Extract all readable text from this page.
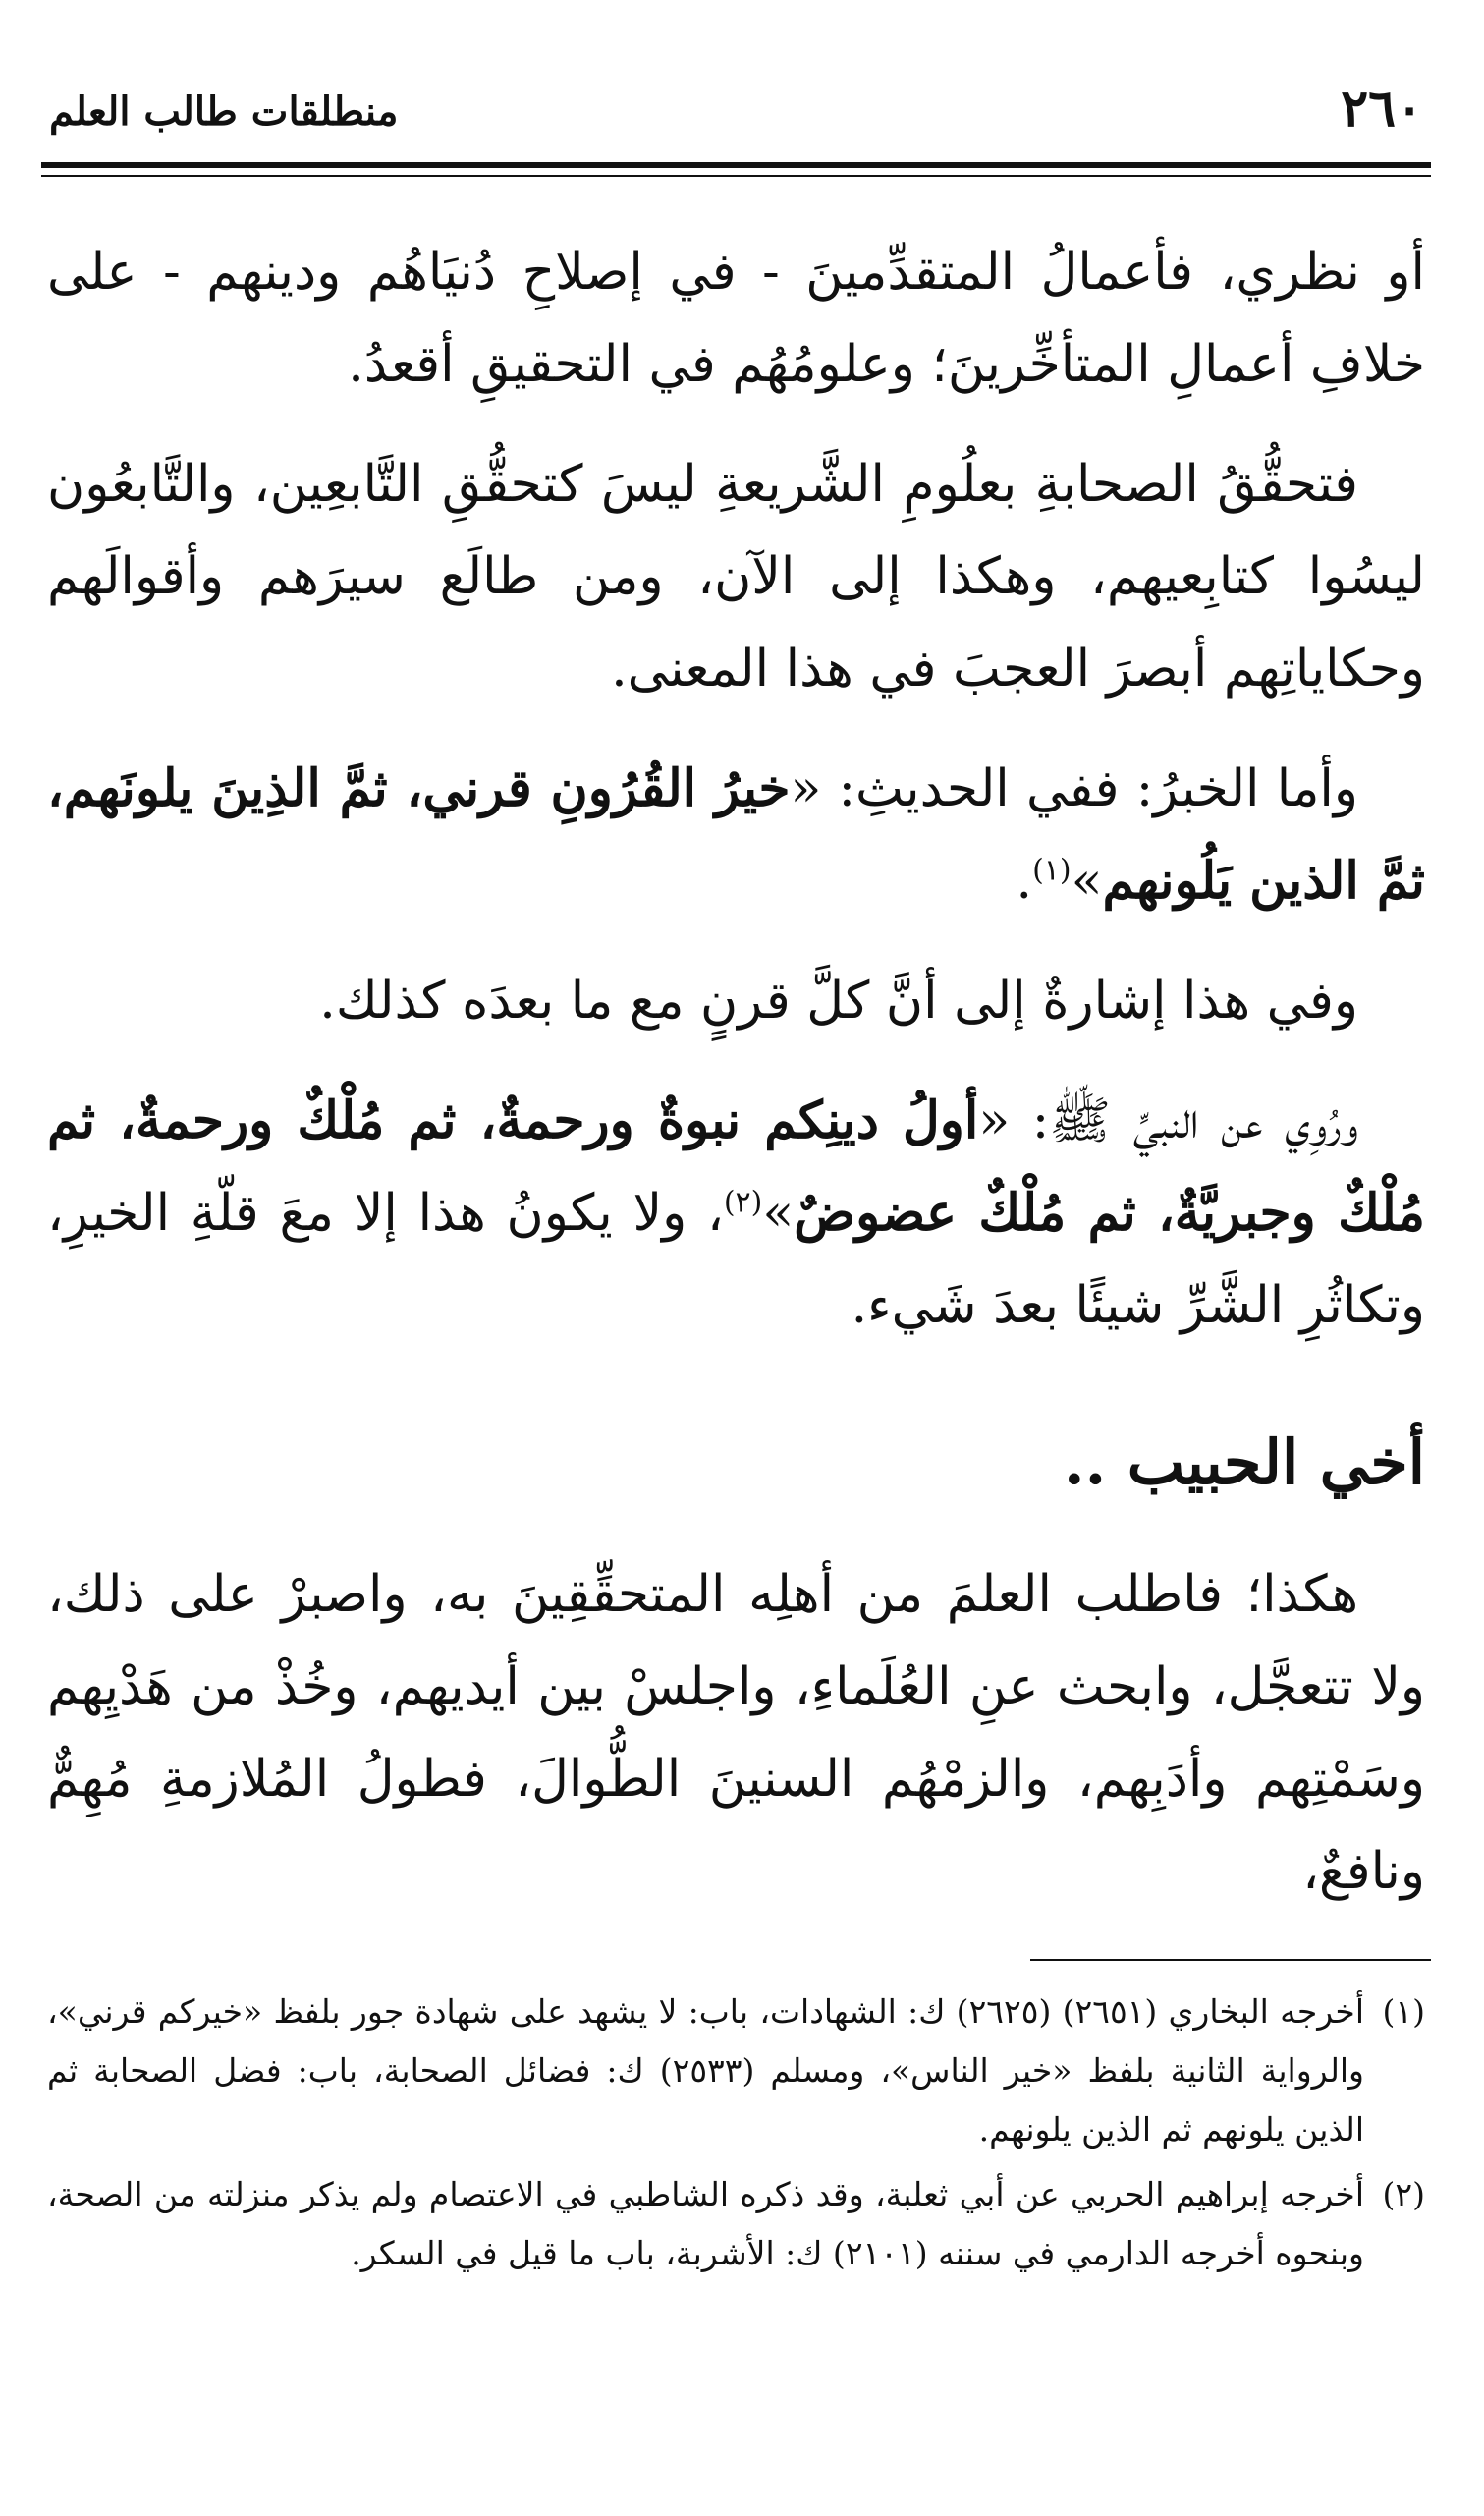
٢٦٠
منطلقات طالب العلم

أو نظري، فأعمالُ المتقدِّمينَ - في إصلاحِ دُنيَاهُم ودينهم - على خلافِ أعمالِ المتأخِّرينَ؛ وعلومُهُم في التحقيقِ أقعدُ.

فتحقُّقُ الصحابةِ بعلُومِ الشَّريعةِ ليسَ كتحقُّقِ التَّابعِين، والتَّابعُون ليسُوا كتابِعيهم، وهكذا إلى الآن، ومن طالَع سيرَهم وأقوالَهم وحكاياتِهم أبصرَ العجبَ في هذا المعنى.

وأما الخبرُ: ففي الحديثِ: «خيرُ القُرُونِ قرني، ثمَّ الذِينَ يلونَهم، ثمَّ الذين يَلُونهم»$^{(١)}$.

وفي هذا إشارةٌ إلى أنَّ كلَّ قرنٍ مع ما بعدَه كذلك.

ورُوِي عن النبيِّ ﷺ: «أولُ دينِكم نبوةٌ ورحمةٌ، ثم مُلْكٌ ورحمةٌ، ثم مُلْكٌ وجبريَّةٌ، ثم مُلْكٌ عضوضٌ»$^{(٢)}$، ولا يكونُ هذا إلا معَ قلّةِ الخيرِ، وتكاثُرِ الشَّرِّ شيئًا بعدَ شَيء.

أخي الحبيب ..

هكذا؛ فاطلب العلمَ من أهلِه المتحقِّقِينَ به، واصبرْ على ذلك، ولا تتعجَّل، وابحث عنِ العُلَماءِ، واجلسْ بين أيديهم، وخُذْ من هَدْيِهم وسَمْتِهم وأدَبِهم، والزمْهُم السنينَ الطُّوالَ، فطولُ المُلازمةِ مُهِمٌّ ونافعٌ،

(١)
أخرجه البخاري (٢٦٥١) (٢٦٢٥) ك: الشهادات، باب: لا يشهد على شهادة جور بلفظ «خيركم قرني»، والرواية الثانية بلفظ «خير الناس»، ومسلم (٢٥٣٣) ك: فضائل الصحابة، باب: فضل الصحابة ثم الذين يلونهم ثم الذين يلونهم.
(٢)
أخرجه إبراهيم الحربي عن أبي ثعلبة، وقد ذكره الشاطبي في الاعتصام ولم يذكر منزلته من الصحة، وبنحوه أخرجه الدارمي في سننه (٢١٠١) ك: الأشربة، باب ما قيل في السكر.
